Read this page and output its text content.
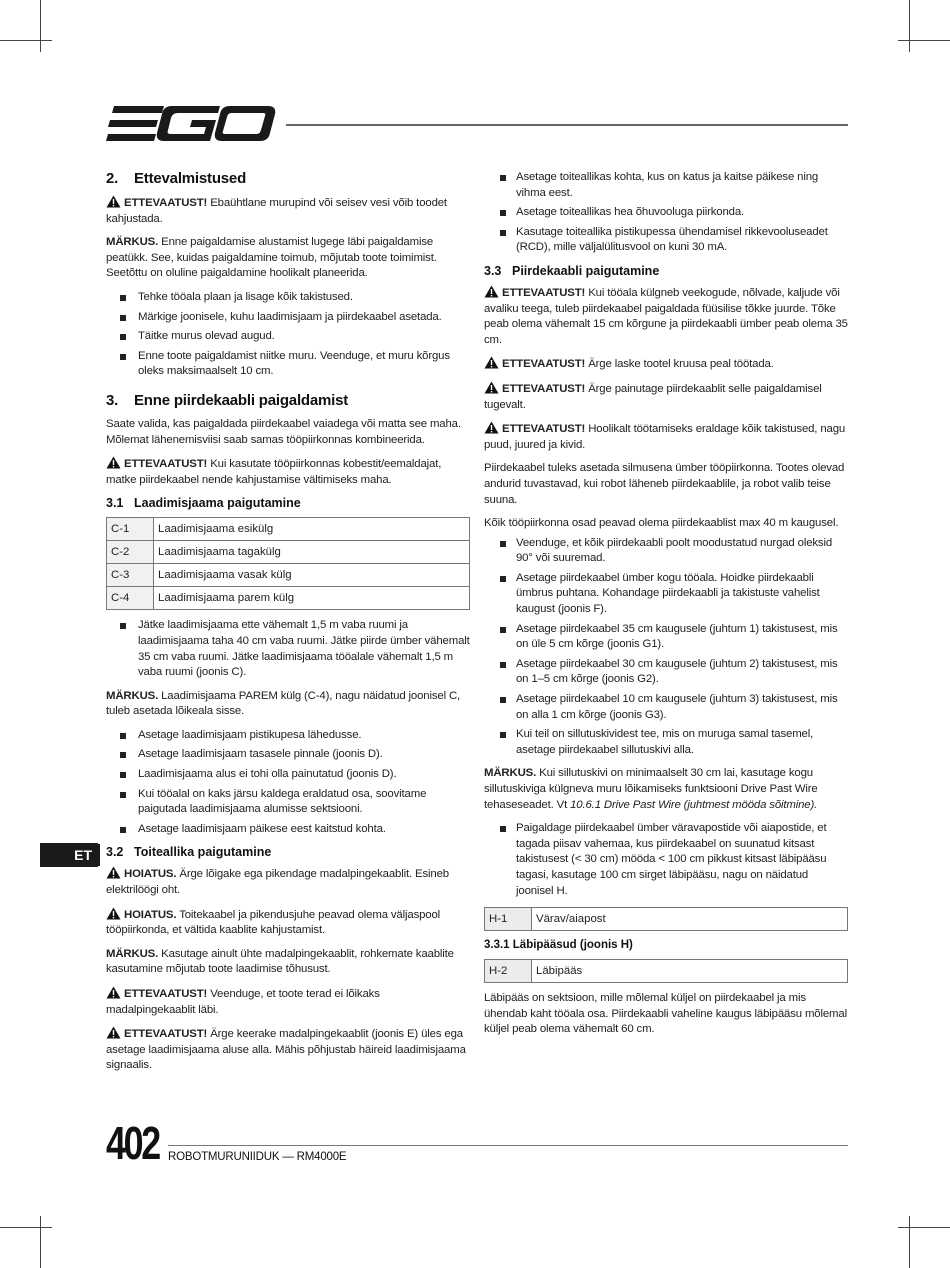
2. Ettevalmistused

ETTEVAATUST! Ebaühtlane murupind või seisev vesi võib toodet kahjustada.

MÄRKUS. Enne paigaldamise alustamist lugege läbi paigaldamise peatükk. See, kuidas paigaldamine toimub, mõjutab toote toimimist. Seetõttu on oluline paigaldamine hoolikalt planeerida.

Tehke tööala plaan ja lisage kõik takistused.
Märkige joonisele, kuhu laadimisjaam ja piirdekaabel asetada.
Täitke murus olevad augud.
Enne toote paigaldamist niitke muru. Veenduge, et muru kõrgus oleks maksimaalselt 10 cm.
3. Enne piirdekaabli paigaldamist

Saate valida, kas paigaldada piirdekaabel vaiadega või matta see maha. Mõlemat lähenemisviisi saab samas tööpiirkonnas kombineerida.

ETTEVAATUST! Kui kasutate tööpiirkonnas kobestit/eemaldajat, matke piirdekaabel nende kahjustamise vältimiseks maha.

3.1 Laadimisjaama paigutamine
C-1	Laadimisjaama esikülg
C-2	Laadimisjaama tagakülg
C-3	Laadimisjaama vasak külg
C-4	Laadimisjaama parem külg
Jätke laadimisjaama ette vähemalt 1,5 m vaba ruumi ja laadimisjaama taha 40 cm vaba ruumi. Jätke piirde ümber vähemalt 35 cm vaba ruumi. Jätke laadimisjaama tööalale vähemalt 1,5 m vaba ruumi (joonis C).

MÄRKUS. Laadimisjaama PAREM külg (C-4), nagu näidatud joonisel C, tuleb asetada lõikeala sisse.

Asetage laadimisjaam pistikupesa lähedusse.
Asetage laadimisjaam tasasele pinnale (joonis D).
Laadimisjaama alus ei tohi olla painutatud (joonis D).
Kui tööalal on kaks järsu kaldega eraldatud osa, soovitame paigutada laadimisjaama alumisse sektsiooni.
Asetage laadimisjaam päikese eest kaitstud kohta.
3.2 Toiteallika paigutamine

HOIATUS. Ärge lõigake ega pikendage madalpingekaablit. Esineb elektrilöögi oht.

HOIATUS. Toitekaabel ja pikendusjuhe peavad olema väljaspool tööpiirkonda, et vältida kaablite kahjustamist.

MÄRKUS. Kasutage ainult ühte madalpingekaablit, rohkemate kaablite kasutamine mõjutab toote laadimise tõhusust.

ETTEVAATUST! Veenduge, et toote terad ei lõikaks madalpingekaablit läbi.

ETTEVAATUST! Ärge keerake madalpingekaablit (joonis E) üles ega asetage laadimisjaama aluse alla. Mähis põhjustab häireid laadimisjaama signaalis.

Asetage toiteallikas kohta, kus on katus ja kaitse päikese ning vihma eest.
Asetage toiteallikas hea õhuvooluga piirkonda.
Kasutage toiteallika pistikupessa ühendamisel rikkevooluseadet (RCD), mille väljalülitusvool on kuni 30 mA.
3.3 Piirdekaabli paigutamine

ETTEVAATUST! Kui tööala külgneb veekogude, nõlvade, kaljude või avaliku teega, tuleb piirdekaabel paigaldada füüsilise tõkke juurde. Tõke peab olema vähemalt 15 cm kõrgune ja piirdekaabli ümber peab olema 35 cm.

ETTEVAATUST! Ärge laske tootel kruusa peal töötada.

ETTEVAATUST! Ärge painutage piirdekaablit selle paigaldamisel tugevalt.

ETTEVAATUST! Hoolikalt töötamiseks eraldage kõik takistused, nagu puud, juured ja kivid.

Piirdekaabel tuleks asetada silmusena ümber tööpiirkonna. Tootes olevad andurid tuvastavad, kui robot läheneb piirdekaablile, ja robot valib teise suuna.

Kõik tööpiirkonna osad peavad olema piirdekaablist max 40 m kaugusel.

Veenduge, et kõik piirdekaabli poolt moodustatud nurgad oleksid 90° või suuremad.
Asetage piirdekaabel ümber kogu tööala. Hoidke piirdekaabli ümbrus puhtana. Kohandage piirdekaabli ja takistuste vahelist kaugust (joonis F).
Asetage piirdekaabel 35 cm kaugusele (juhtum 1) takistusest, mis on üle 5 cm kõrge (joonis G1).
Asetage piirdekaabel 30 cm kaugusele (juhtum 2) takistusest, mis on 1–5 cm kõrge (joonis G2).
Asetage piirdekaabel 10 cm kaugusele (juhtum 3) takistusest, mis on alla 1 cm kõrge (joonis G3).
Kui teil on sillutuskividest tee, mis on muruga samal tasemel, asetage piirdekaabel sillutuskivi alla.

MÄRKUS. Kui sillutuskivi on minimaalselt 30 cm lai, kasutage kogu sillutuskiviga külgneva muru lõikamiseks funktsiooni Drive Past Wire tehaseseadet. Vt 10.6.1 Drive Past Wire (juhtmest mööda sõitmine).

Paigaldage piirdekaabel ümber väravapostide või aiapostide, et tagada piisav vahemaa, kus piirdekaabel on suunatud kitsast takistusest (< 30 cm) mööda < 100 cm pikkust kitsast läbipääsu tagasi, kasutage 100 cm sirget läbipääsu, nagu on näidatud joonisel H.
H-1	Värav/aiapost
3.3.1 Läbipääsud (joonis H)
H-2	Läbipääs

Läbipääs on sektsioon, mille mõlemal küljel on piirdekaabel ja mis ühendab kaht tööala osa. Piirdekaabli vaheline kaugus läbipääsu mõlemal küljel peab olema vähemalt 60 cm.

ET
402 ROBOTMURUNIIDUK — RM4000E
